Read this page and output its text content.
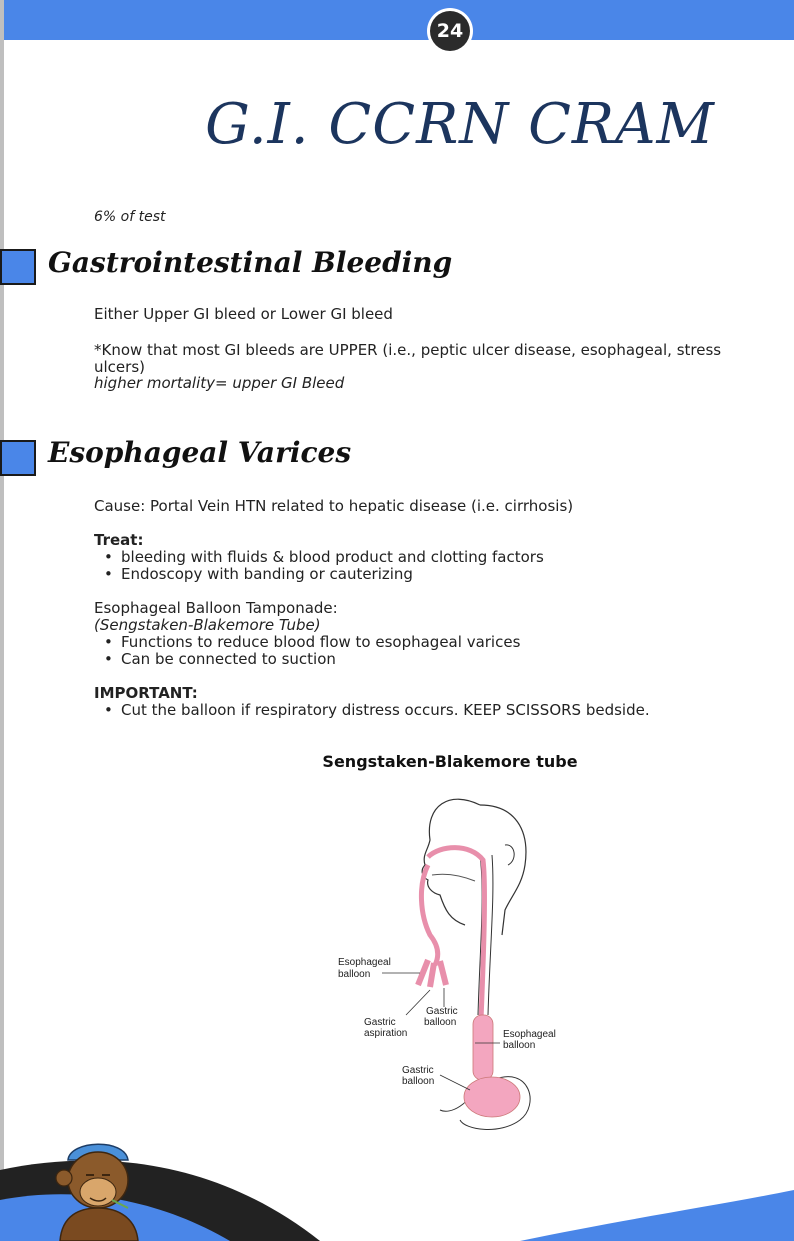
24
G.I. CCRN CRAM
6% of test
Gastrointestinal Bleeding
Either Upper GI bleed or Lower GI bleed
*Know that most GI bleeds are UPPER (i.e., peptic ulcer disease, esophageal, stress
ulcers)
higher mortality= upper GI Bleed
Esophageal Varices
Cause: Portal Vein HTN related to hepatic disease (i.e. cirrhosis)
Treat:
• bleeding with fluids & blood product and clotting factors
• Endoscopy with banding or cauterizing
Esophageal Balloon Tamponade:
(Sengstaken-Blakemore Tube)
• Functions to reduce blood flow to esophageal varices
• Can be connected to suction
IMPORTANT:
• Cut the balloon if respiratory distress occurs. KEEP SCISSORS bedside.
Sengstaken-Blakemore tube
Esophageal
balloon
Gastric
aspiration
Gastric
balloon
Esophageal
balloon
Gastric
balloon
